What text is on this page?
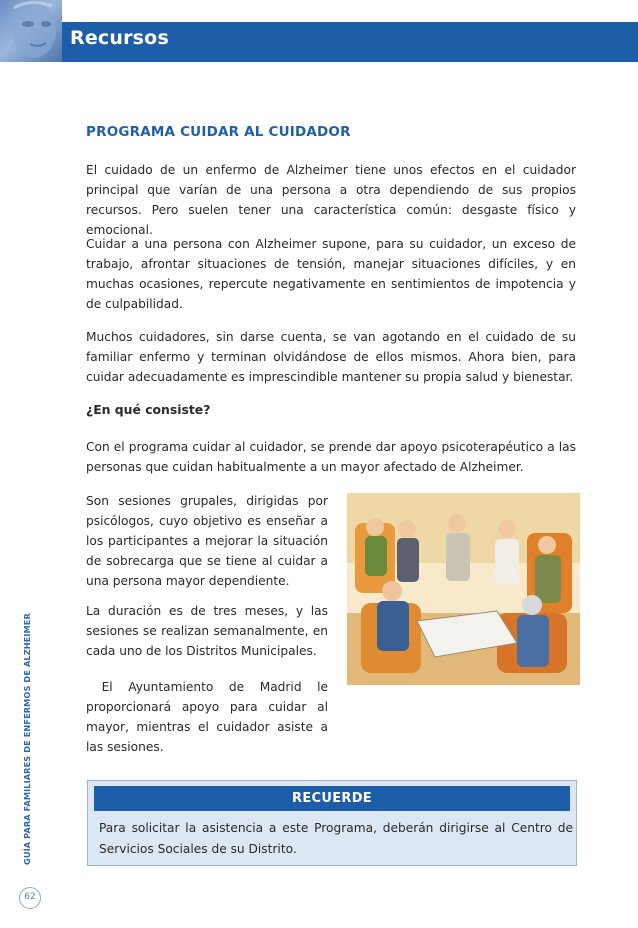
Recursos
GUÍA PARA FAMILIARES DE ENFERMOS DE ALZHEIMER
62
PROGRAMA CUIDAR AL CUIDADOR

El cuidado de un enfermo de Alzheimer tiene unos efectos en el cuidador principal que varían de una persona a otra dependiendo de sus propios recursos. Pero suelen tener una característica común: desgaste físico y emocional.

Cuidar a una persona con Alzheimer supone, para su cuidador, un exceso de trabajo, afrontar situaciones de tensión, manejar situaciones difíciles, y en muchas ocasiones, repercute negativamente en sentimientos de impotencia y de culpabilidad.

Muchos cuidadores, sin darse cuenta, se van agotando en el cuidado de su familiar enfermo y terminan olvidándose de ellos mismos. Ahora bien, para cuidar adecuadamente es imprescindible mantener su propia salud y bienestar.

¿En qué consiste?

Con el programa cuidar al cuidador, se prende dar apoyo psicoterapéutico a las personas que cuidan habitualmente a un mayor afectado de Alzheimer.

Son sesiones grupales, dirigidas por psicólogos, cuyo objetivo es enseñar a los participantes a mejorar la situación de sobrecarga que se tiene al cuidar a una persona mayor dependiente.

La duración es de tres meses, y las sesiones se realizan semanalmente, en cada uno de los Distritos Municipales.

El Ayuntamiento de Madrid le proporcionará apoyo para cuidar al mayor, mientras el cuidador asiste a las sesiones.

RECUERDE

Para solicitar la asistencia a este Programa, deberán dirigirse al Centro de Servicios Sociales de su Distrito.
